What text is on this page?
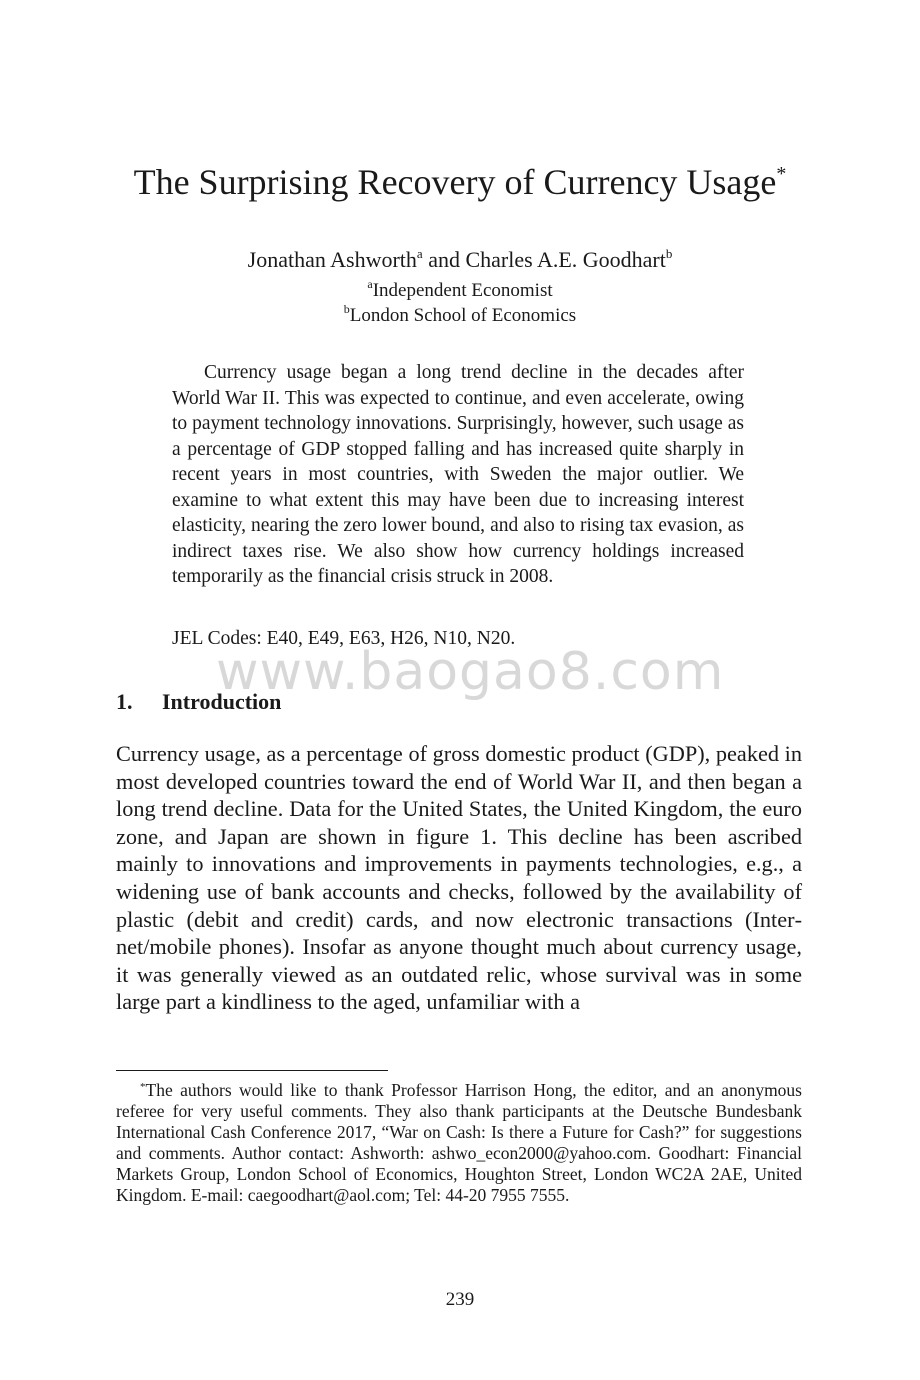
The Surprising Recovery of Currency Usage*
Jonathan Ashworth$^a$ and Charles A.E. Goodhart$^b$
$^a$Independent Economist
$^b$London School of Economics

Currency usage began a long trend decline in the decades after World War II. This was expected to continue, and even accelerate, owing to payment technology innovations. Surprisingly, however, such usage as a percentage of GDP stopped falling and has increased quite sharply in recent years in most countries, with Sweden the major outlier. We examine to what extent this may have been due to increasing interest elasticity, nearing the zero lower bound, and also to rising tax evasion, as indirect taxes rise. We also show how currency holdings increased temporarily as the financial crisis struck in 2008.

JEL Codes: E40, E49, E63, H26, N10, N20.

www.baogao8.com
1. Introduction

Currency usage, as a percentage of gross domestic product (GDP), peaked in most developed countries toward the end of World War II, and then began a long trend decline. Data for the United States, the United Kingdom, the euro zone, and Japan are shown in figure 1. This decline has been ascribed mainly to innovations and improvements in payments technologies, e.g., a widening use of bank accounts and checks, followed by the availability of plastic (debit and credit) cards, and now electronic transactions (Internet/mobile phones). Insofar as anyone thought much about currency usage, it was generally viewed as an outdated relic, whose survival was in some large part a kindliness to the aged, unfamiliar with a

*The authors would like to thank Professor Harrison Hong, the editor, and an anonymous referee for very useful comments. They also thank participants at the Deutsche Bundesbank International Cash Conference 2017, “War on Cash: Is there a Future for Cash?” for suggestions and comments. Author contact: Ashworth: ashwo_econ2000@yahoo.com. Goodhart: Financial Markets Group, London School of Economics, Houghton Street, London WC2A 2AE, United Kingdom. E-mail: caegoodhart@aol.com; Tel: 44-20 7955 7555.

239
